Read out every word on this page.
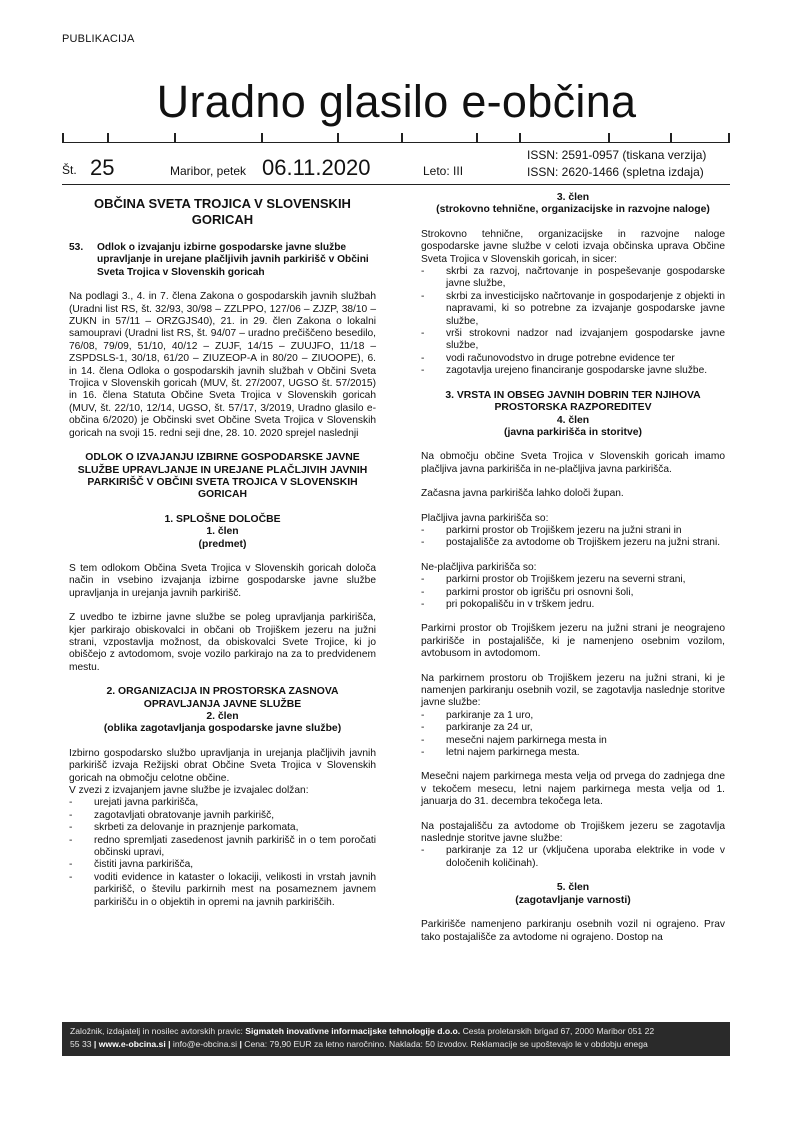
PUBLIKACIJA
Uradno glasilo e-občina
Št. 25	Maribor, petek 06.11.2020	Leto: III
ISSN: 2591-0957 (tiskana verzija)
ISSN: 2620-1466 (spletna izdaja)
OBČINA SVETA TROJICA V SLOVENSKIH GORICAH
53.	Odlok o izvajanju izbirne gospodarske javne službe upravljanje in urejane plačljivih javnih parkirišč v Občini Sveta Trojica v Slovenskih goricah

Na podlagi 3., 4. in 7. člena Zakona o gospodarskih javnih službah (Uradni list RS, št. 32/93, 30/98 – ZZLPPO, 127/06 – ZJZP, 38/10 – ZUKN in 57/11 – ORZGJS40), 21. in 29. člen Zakona o lokalni samoupravi (Uradni list RS, št. 94/07 – uradno prečiščeno besedilo, 76/08, 79/09, 51/10, 40/12 – ZUJF, 14/15 – ZUUJFO, 11/18 – ZSPDSLS-1, 30/18, 61/20 – ZIUZEOP-A in 80/20 – ZIUOOPE), 6. in 14. člena Odloka o gospodarskih javnih službah v Občini Sveta Trojica v Slovenskih goricah (MUV, št. 27/2007, UGSO št. 57/2015) in 16. člena Statuta Občine Sveta Trojica v Slovenskih goricah (MUV, št. 22/10, 12/14, UGSO, št. 57/17, 3/2019, Uradno glasilo e-občina 6/2020) je Občinski svet Občine Sveta Trojica v Slovenskih goricah na svoji 15. redni seji dne, 28. 10. 2020 sprejel naslednji

ODLOK O IZVAJANJU IZBIRNE GOSPODARSKE JAVNE SLUŽBE UPRAVLJANJE IN UREJANE PLAČLJIVIH JAVNIH PARKIRIŠČ V OBČINI SVETA TROJICA V SLOVENSKIH GORICAH
1. SPLOŠNE DOLOČBE
1. člen
(predmet)

S tem odlokom Občina Sveta Trojica v Slovenskih goricah določa način in vsebino izvajanja izbirne gospodarske javne službe upravljanja in urejanja javnih parkirišč.

Z uvedbo te izbirne javne službe se poleg upravljanja parkirišča, kjer parkirajo obiskovalci in občani ob Trojiškem jezeru na južni strani, vzpostavlja možnost, da obiskovalci Svete Trojice, ki jo obiščejo z avtodomom, svoje vozilo parkirajo na za to predvidenem mestu.

2. ORGANIZACIJA IN PROSTORSKA ZASNOVA OPRAVLJANJA JAVNE SLUŽBE
2. člen
(oblika zagotavljanja gospodarske javne službe)

Izbirno gospodarsko službo upravljanja in urejanja plačljivih javnih parkirišč izvaja Režijski obrat Občine Sveta Trojica v Slovenskih goricah na območju celotne občine.

V zvezi z izvajanjem javne službe je izvajalec dolžan:

- urejati javna parkirišča,
- zagotavljati obratovanje javnih parkirišč,
- skrbeti za delovanje in praznjenje parkomata,
- redno spremljati zasedenost javnih parkirišč in o tem poročati občinski upravi,
- čistiti javna parkirišča,
- voditi evidence in kataster o lokaciji, velikosti in vrstah javnih parkirišč, o številu parkirnih mest na posameznem javnem parkirišču in o objektih in opremi na javnih parkiriščih.
3. člen
(strokovno tehnične, organizacijske in razvojne naloge)

Strokovno tehnične, organizacijske in razvojne naloge gospodarske javne službe v celoti izvaja občinska uprava Občine Sveta Trojica v Slovenskih goricah, in sicer:

- skrbi za razvoj, načrtovanje in pospeševanje gospodarske javne službe,
- skrbi za investicijsko načrtovanje in gospodarjenje z objekti in napravami, ki so potrebne za izvajanje gospodarske javne službe,
- vrši strokovni nadzor nad izvajanjem gospodarske javne službe,
- vodi računovodstvo in druge potrebne evidence ter
- zagotavlja urejeno financiranje gospodarske javne službe.
3. VRSTA IN OBSEG JAVNIH DOBRIN TER NJIHOVA PROSTORSKA RAZPOREDITEV
4. člen
(javna parkirišča in storitve)

Na območju občine Sveta Trojica v Slovenskih goricah imamo plačljiva javna parkirišča in ne-plačljiva javna parkirišča.

Začasna javna parkirišča lahko določi župan.

Plačljiva javna parkirišča so:

- parkirni prostor ob Trojiškem jezeru na južni strani in
- postajališče za avtodome ob Trojiškem jezeru na južni strani.

Ne-plačljiva parkirišča so:

- parkirni prostor ob Trojiškem jezeru na severni strani,
- parkirni prostor ob igrišču pri osnovni šoli,
- pri pokopališču in v trškem jedru.

Parkirni prostor ob Trojiškem jezeru na južni strani je neograjeno parkirišče in postajališče, ki je namenjeno osebnim vozilom, avtobusom in avtodomom.

Na parkirnem prostoru ob Trojiškem jezeru na južni strani, ki je namenjen parkiranju osebnih vozil, se zagotavlja naslednje storitve javne službe:

- parkiranje za 1 uro,
- parkiranje za 24 ur,
- mesečni najem parkirnega mesta in
- letni najem parkirnega mesta.

Mesečni najem parkirnega mesta velja od prvega do zadnjega dne v tekočem mesecu, letni najem parkirnega mesta velja od 1. januarja do 31. decembra tekočega leta.

Na postajališču za avtodome ob Trojiškem jezeru se zagotavlja naslednje storitve javne službe:

- parkiranje za 12 ur (vključena uporaba elektrike in vode v določenih količinah).
5. člen
(zagotavljanje varnosti)

Parkirišče namenjeno parkiranju osebnih vozil ni ograjeno. Prav tako postajališče za avtodome ni ograjeno. Dostop na

Založnik, izdajatelj in nosilec avtorskih pravic: Sigmateh inovativne informacijske tehnologije d.o.o. Cesta proletarskih brigad 67, 2000 Maribor 051 22
55 33 | www.e-obcina.si | info@e-obcina.si | Cena: 79,90 EUR za letno naročnino. Naklada: 50 izvodov. Reklamacije se upoštevajo le v obdobju enega
